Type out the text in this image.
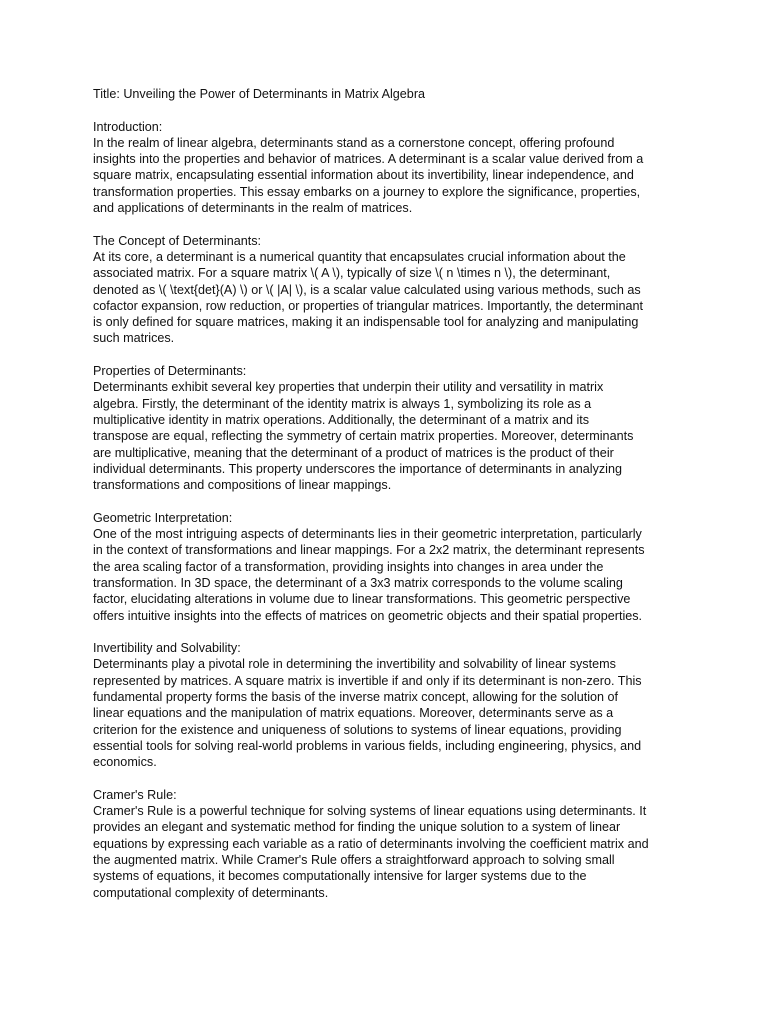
Title: Unveiling the Power of Determinants in Matrix Algebra

Introduction:

In the realm of linear algebra, determinants stand as a cornerstone concept, offering profound

insights into the properties and behavior of matrices. A determinant is a scalar value derived from a

square matrix, encapsulating essential information about its invertibility, linear independence, and

transformation properties. This essay embarks on a journey to explore the significance, properties,

and applications of determinants in the realm of matrices.

The Concept of Determinants:

At its core, a determinant is a numerical quantity that encapsulates crucial information about the

associated matrix. For a square matrix \( A \), typically of size \( n \times n \), the determinant,

denoted as \( \text{det}(A) \) or \( |A| \), is a scalar value calculated using various methods, such as

cofactor expansion, row reduction, or properties of triangular matrices. Importantly, the determinant

is only defined for square matrices, making it an indispensable tool for analyzing and manipulating

such matrices.

Properties of Determinants:

Determinants exhibit several key properties that underpin their utility and versatility in matrix

algebra. Firstly, the determinant of the identity matrix is always 1, symbolizing its role as a

multiplicative identity in matrix operations. Additionally, the determinant of a matrix and its

transpose are equal, reflecting the symmetry of certain matrix properties. Moreover, determinants

are multiplicative, meaning that the determinant of a product of matrices is the product of their

individual determinants. This property underscores the importance of determinants in analyzing

transformations and compositions of linear mappings.

Geometric Interpretation:

One of the most intriguing aspects of determinants lies in their geometric interpretation, particularly

in the context of transformations and linear mappings. For a 2x2 matrix, the determinant represents

the area scaling factor of a transformation, providing insights into changes in area under the

transformation. In 3D space, the determinant of a 3x3 matrix corresponds to the volume scaling

factor, elucidating alterations in volume due to linear transformations. This geometric perspective

offers intuitive insights into the effects of matrices on geometric objects and their spatial properties.

Invertibility and Solvability:

Determinants play a pivotal role in determining the invertibility and solvability of linear systems

represented by matrices. A square matrix is invertible if and only if its determinant is non-zero. This

fundamental property forms the basis of the inverse matrix concept, allowing for the solution of

linear equations and the manipulation of matrix equations. Moreover, determinants serve as a

criterion for the existence and uniqueness of solutions to systems of linear equations, providing

essential tools for solving real-world problems in various fields, including engineering, physics, and

economics.

Cramer's Rule:

Cramer's Rule is a powerful technique for solving systems of linear equations using determinants. It

provides an elegant and systematic method for finding the unique solution to a system of linear

equations by expressing each variable as a ratio of determinants involving the coefficient matrix and

the augmented matrix. While Cramer's Rule offers a straightforward approach to solving small

systems of equations, it becomes computationally intensive for larger systems due to the

computational complexity of determinants.
